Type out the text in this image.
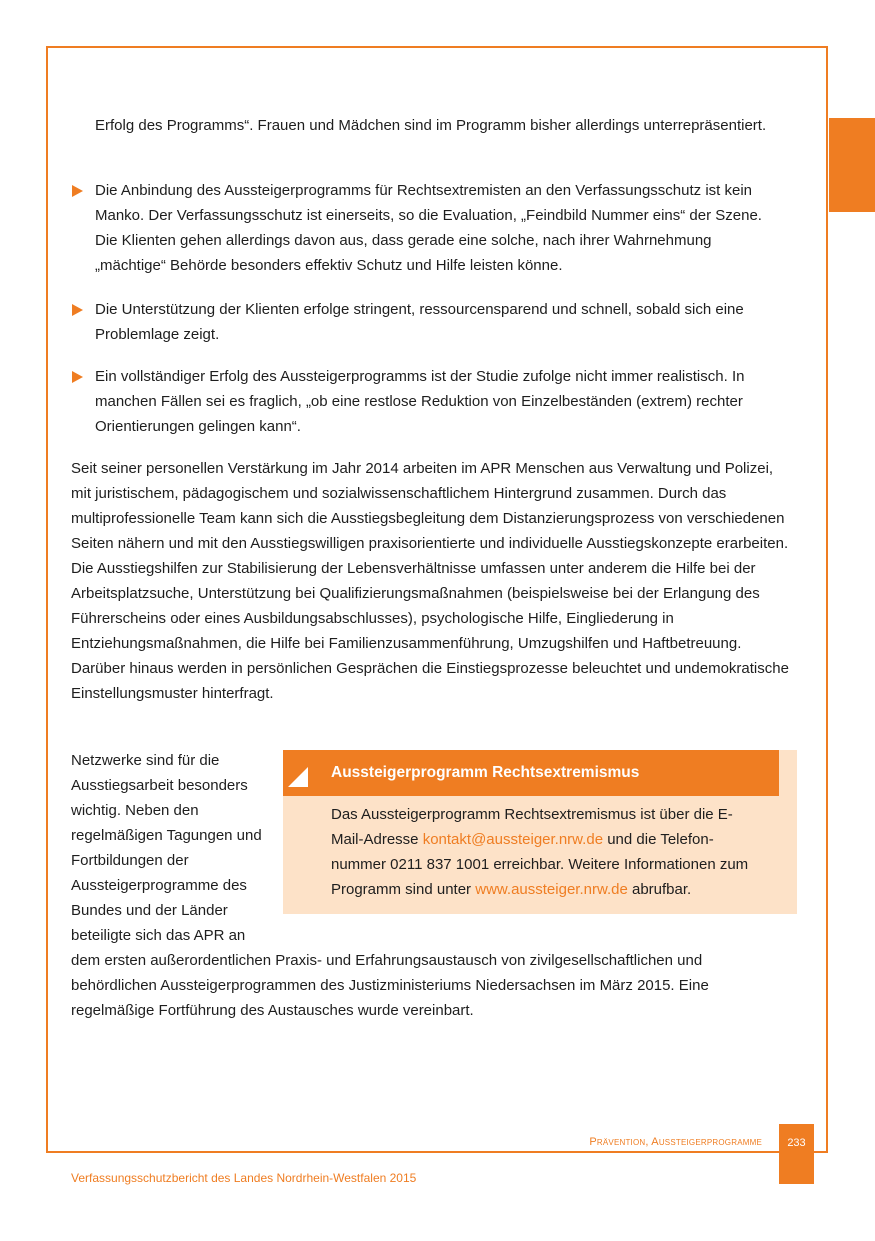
Erfolg des Programms“. Frauen und Mädchen sind im Programm bisher allerdings unterrepräsentiert.
Die Anbindung des Aussteigerprogramms für Rechtsextremisten an den Verfassungsschutz ist kein Manko. Der Verfassungsschutz ist einerseits, so die Evaluation, „Feindbild Nummer eins“ der Szene. Die Klienten gehen allerdings davon aus, dass gerade eine solche, nach ihrer Wahrnehmung „mächtige“ Behörde besonders effektiv Schutz und Hilfe leisten könne.
Die Unterstützung der Klienten erfolge stringent, ressourcensparend und schnell, sobald sich eine Problemlage zeigt.
Ein vollständiger Erfolg des Aussteigerprogramms ist der Studie zufolge nicht immer realistisch. In manchen Fällen sei es fraglich, „ob eine restlose Reduktion von Einzelbeständen (extrem) rechter Orientierungen gelingen kann“.
Seit seiner personellen Verstärkung im Jahr 2014 arbeiten im APR Menschen aus Verwaltung und Polizei, mit juristischem, pädagogischem und sozialwissenschaftlichem Hintergrund zusammen. Durch das multiprofessionelle Team kann sich die Ausstiegsbegleitung dem Distanzierungsprozess von verschiedenen Seiten nähern und mit den Ausstiegswilligen praxisorientierte und individuelle Ausstiegskonzepte erarbeiten. Die Ausstiegshilfen zur Stabilisierung der Lebensverhältnisse umfassen unter anderem die Hilfe bei der Arbeitsplatzsuche, Unterstützung bei Qualifizierungsmaßnahmen (beispielsweise bei der Erlangung des Führerscheins oder eines Ausbildungsabschlusses), psychologische Hilfe, Eingliederung in Entziehungsmaßnahmen, die Hilfe bei Familienzusammenführung, Umzugshilfen und Haftbetreuung. Darüber hinaus werden in persönlichen Gesprächen die Einstiegsprozesse beleuchtet und undemokratische Einstellungsmuster hinterfragt.
Netzwerke sind für die Ausstiegsarbeit besonders wichtig. Neben den regelmäßigen Tagungen und Fortbildungen der Aussteigerprogramme des Bundes und der Länder beteiligte sich das APR an
Aussteigerprogramm Rechtsextremismus
Das Aussteigerprogramm Rechtsextremismus ist über die E-Mail-Adresse kontakt@aussteiger.nrw.de und die Telefonnummer 0211 837 1001 erreichbar. Weitere Informationen zum Programm sind unter www.aussteiger.nrw.de abrufbar.
dem ersten außerordentlichen Praxis- und Erfahrungsaustausch von zivilgesellschaftlichen und behördlichen Aussteigerprogrammen des Justizministeriums Niedersachsen im März 2015. Eine regelmäßige Fortführung des Austausches wurde vereinbart.
Prävention, Aussteigerprogramme	233
Verfassungsschutzbericht des Landes Nordrhein-Westfalen 2015
